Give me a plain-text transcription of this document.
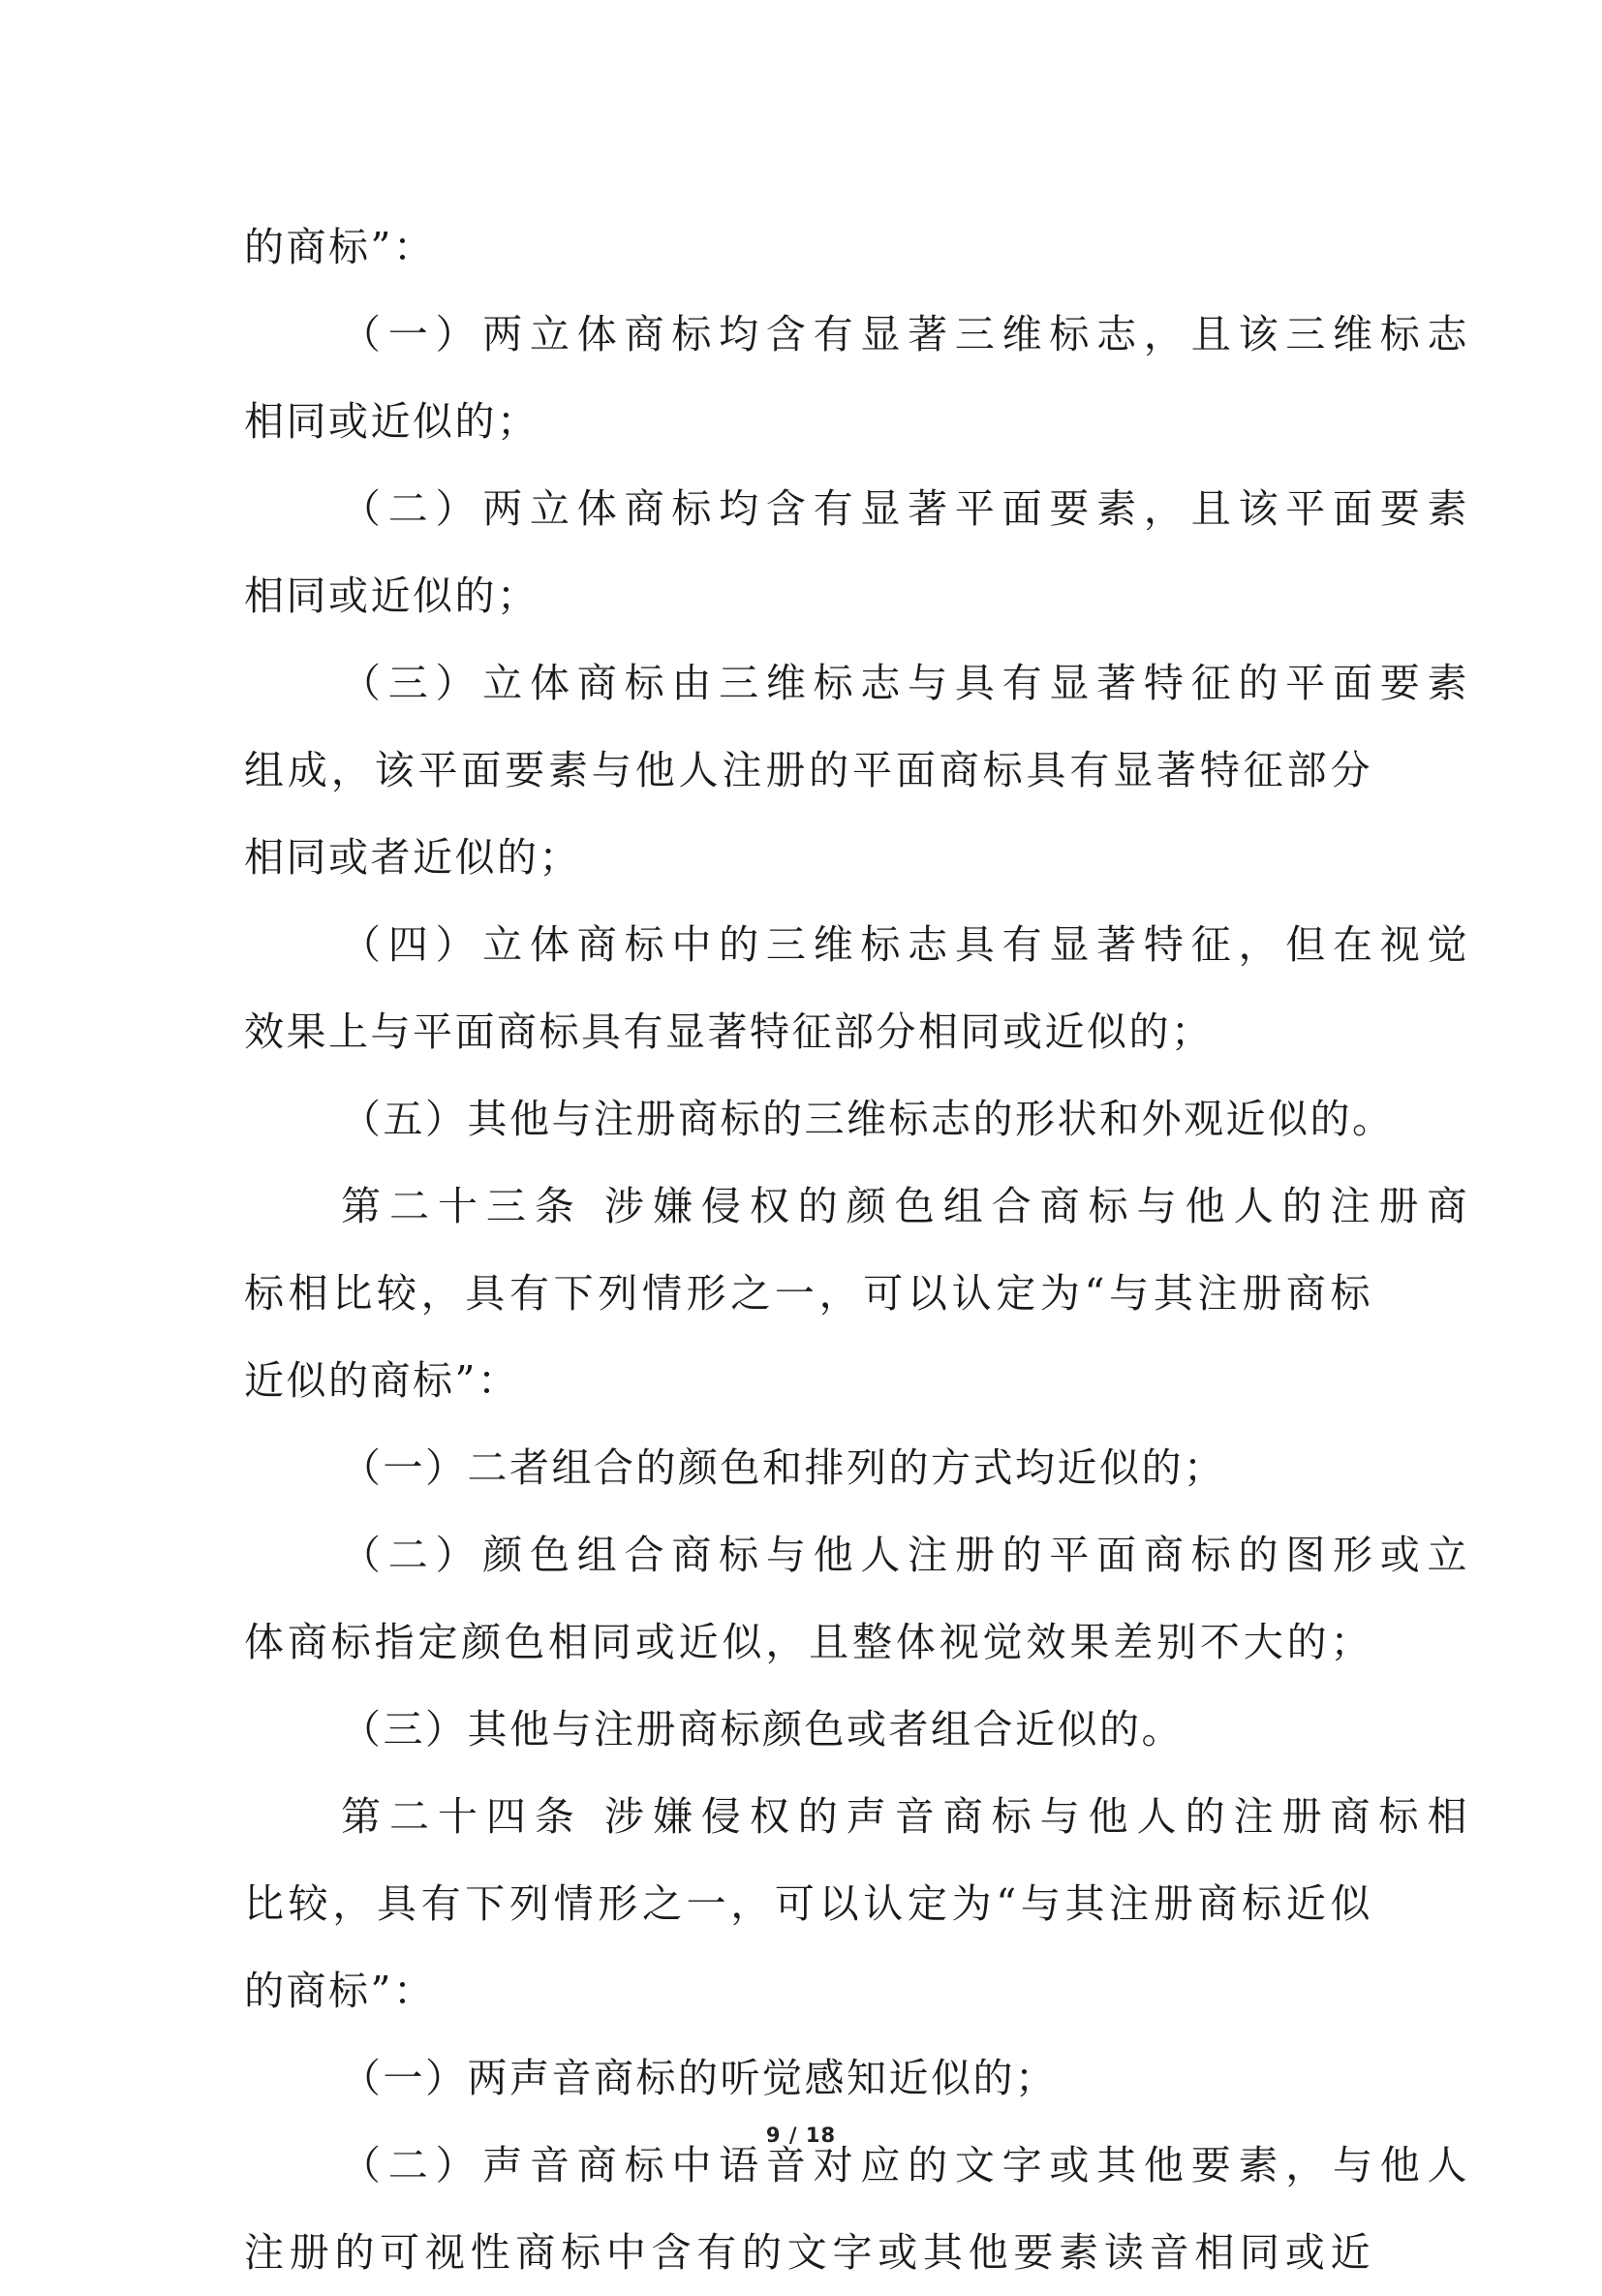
的商标”：
（一）两立体商标均含有显著三维标志，且该三维标志
相同或近似的；
（二）两立体商标均含有显著平面要素，且该平面要素
相同或近似的；
（三）立体商标由三维标志与具有显著特征的平面要素
组成，该平面要素与他人注册的平面商标具有显著特征部分
相同或者近似的；
（四）立体商标中的三维标志具有显著特征，但在视觉
效果上与平面商标具有显著特征部分相同或近似的；
（五）其他与注册商标的三维标志的形状和外观近似的。
第二十三条 涉嫌侵权的颜色组合商标与他人的注册商
标相比较，具有下列情形之一，可以认定为“与其注册商标
近似的商标”：
（一）二者组合的颜色和排列的方式均近似的；
（二）颜色组合商标与他人注册的平面商标的图形或立
体商标指定颜色相同或近似，且整体视觉效果差别不大的；
（三）其他与注册商标颜色或者组合近似的。
第二十四条 涉嫌侵权的声音商标与他人的注册商标相
比较，具有下列情形之一，可以认定为“与其注册商标近似
的商标”：
（一）两声音商标的听觉感知近似的；
（二）声音商标中语音对应的文字或其他要素，与他人
注册的可视性商标中含有的文字或其他要素读音相同或近
9 / 18
